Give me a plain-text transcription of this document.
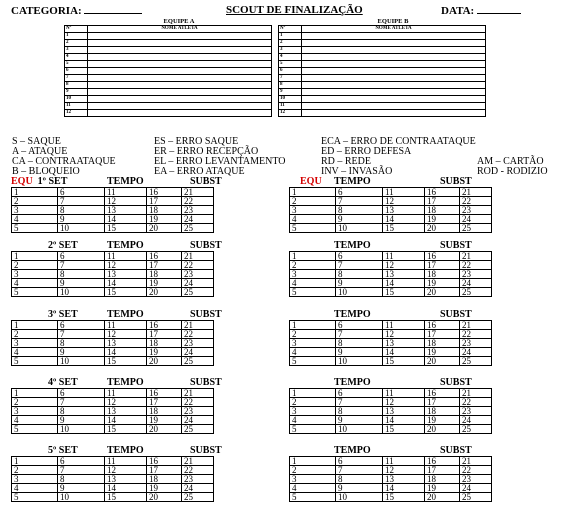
CATEGORIA:	SCOUT DE FINALIZAÇÃO	DATA:
EQUIPE A
Nº	NOME ATLETA
1	
2	
3	
4	
5	
6	
7	
8	
9	
10	
11	
12	
EQUIPE B
Nº	NOME ATLETA
1	
2	
3	
4	
5	
6	
7	
8	
9	
10	
11	
12	
S – SAQUE
A – ATAQUE
CA – CONTRAATAQUE
B – BLOQUEIO
ES – ERRO SAQUE
ER – ERRO RECEPÇÃO
EL – ERRO LEVANTAMENTO
EA – ERRO ATAQUE
ECA – ERRO DE CONTRAATAQUE
ED – ERRO DEFESA
RD – REDE
INV – INVASÃO
AM – CARTÃO
ROD - RODIZIO
EQU 1º SET	TEMPO	SUBST	EQU TEMPO	SUBST
1	6	11	16	21
2	7	12	17	22
3	8	13	18	23
4	9	14	19	24
5	10	15	20	25
1	6	11	16	21
2	7	12	17	22
3	8	13	18	23
4	9	14	19	24
5	10	15	20	25
2º SET	TEMPO	SUBST	TEMPO	SUBST
1	6	11	16	21
2	7	12	17	22
3	8	13	18	23
4	9	14	19	24
5	10	15	20	25
1	6	11	16	21
2	7	12	17	22
3	8	13	18	23
4	9	14	19	24
5	10	15	20	25
3º SET	TEMPO	SUBST	TEMPO	SUBST
1	6	11	16	21
2	7	12	17	22
3	8	13	18	23
4	9	14	19	24
5	10	15	20	25
1	6	11	16	21
2	7	12	17	22
3	8	13	18	23
4	9	14	19	24
5	10	15	20	25
4º SET	TEMPO	SUBST	TEMPO	SUBST
1	6	11	16	21
2	7	12	17	22
3	8	13	18	23
4	9	14	19	24
5	10	15	20	25
1	6	11	16	21
2	7	12	17	22
3	8	13	18	23
4	9	14	19	24
5	10	15	20	25
5º SET	TEMPO	SUBST	TEMPO	SUBST
1	6	11	16	21
2	7	12	17	22
3	8	13	18	23
4	9	14	19	24
5	10	15	20	25
1	6	11	16	21
2	7	12	17	22
3	8	13	18	23
4	9	14	19	24
5	10	15	20	25
